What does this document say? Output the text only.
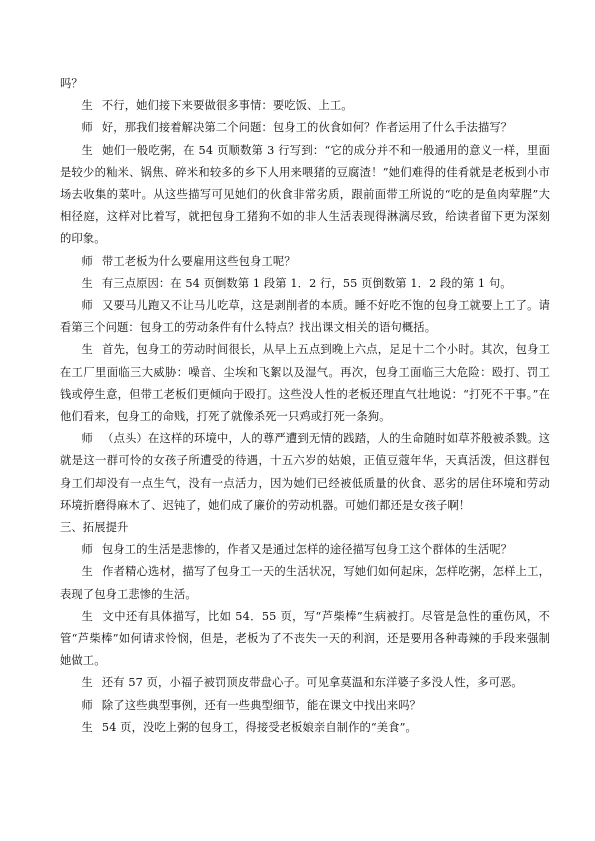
吗？

生 不行，她们接下来要做很多事情：要吃饭、上工。

师 好，那我们接着解决第二个问题：包身工的伙食如何？作者运用了什么手法描写？

生 她们一般吃粥，在 54 页顺数第 3 行写到：“它的成分并不和一般通用的意义一样，里面是较少的籼米、锅焦、碎米和较多的乡下人用来喂猪的豆腐渣！”她们难得的佳肴就是老板到小市场去收集的菜叶。从这些描写可见她们的伙食非常劣质，跟前面带工所说的“吃的是鱼肉荤腥”大相径庭，这样对比着写，就把包身工猪狗不如的非人生活表现得淋漓尽致，给读者留下更为深刻的印象。

师 带工老板为什么要雇用这些包身工呢？

生 有三点原因：在 54 页倒数第 1 段第 1．2 行，55 页倒数第 1．2 段的第 1 句。

师 又要马儿跑又不让马儿吃草，这是剥削者的本质。睡不好吃不饱的包身工就要上工了。请看第三个问题：包身工的劳动条件有什么特点？找出课文相关的语句概括。

生 首先，包身工的劳动时间很长，从早上五点到晚上六点，足足十二个小时。其次，包身工在工厂里面临三大威胁：噪音、尘埃和飞絮以及湿气。再次，包身工面临三大危险：殴打、罚工钱或停生意，但带工老板们更倾向于殴打。这些没人性的老板还理直气壮地说：“打死不干事。”在他们看来，包身工的命贱，打死了就像杀死一只鸡或打死一条狗。

师 （点头）在这样的环境中，人的尊严遭到无情的践踏，人的生命随时如草芥般被杀戮。这就是这一群可怜的女孩子所遭受的待遇，十五六岁的姑娘，正值豆蔻年华，天真活泼，但这群包身工们却没有一点生气，没有一点活力，因为她们已经被低质量的伙食、恶劣的居住环境和劳动环境折磨得麻木了、迟钝了，她们成了廉价的劳动机器。可她们都还是女孩子啊！

三、拓展提升

师 包身工的生活是悲惨的，作者又是通过怎样的途径描写包身工这个群体的生活呢？

生 作者精心选材，描写了包身工一天的生活状况，写她们如何起床，怎样吃粥，怎样上工，表现了包身工悲惨的生活。

生 文中还有具体描写，比如 54．55 页，写“芦柴棒”生病被打。尽管是急性的重伤风，不管“芦柴棒”如何请求怜悯，但是，老板为了不丧失一天的利润，还是要用各种毒辣的手段来强制她做工。

生 还有 57 页，小福子被罚顶皮带盘心子。可见拿莫温和东洋婆子多没人性，多可恶。

师 除了这些典型事例，还有一些典型细节，能在课文中找出来吗？

生 54 页，没吃上粥的包身工，得接受老板娘亲自制作的“美食”。
